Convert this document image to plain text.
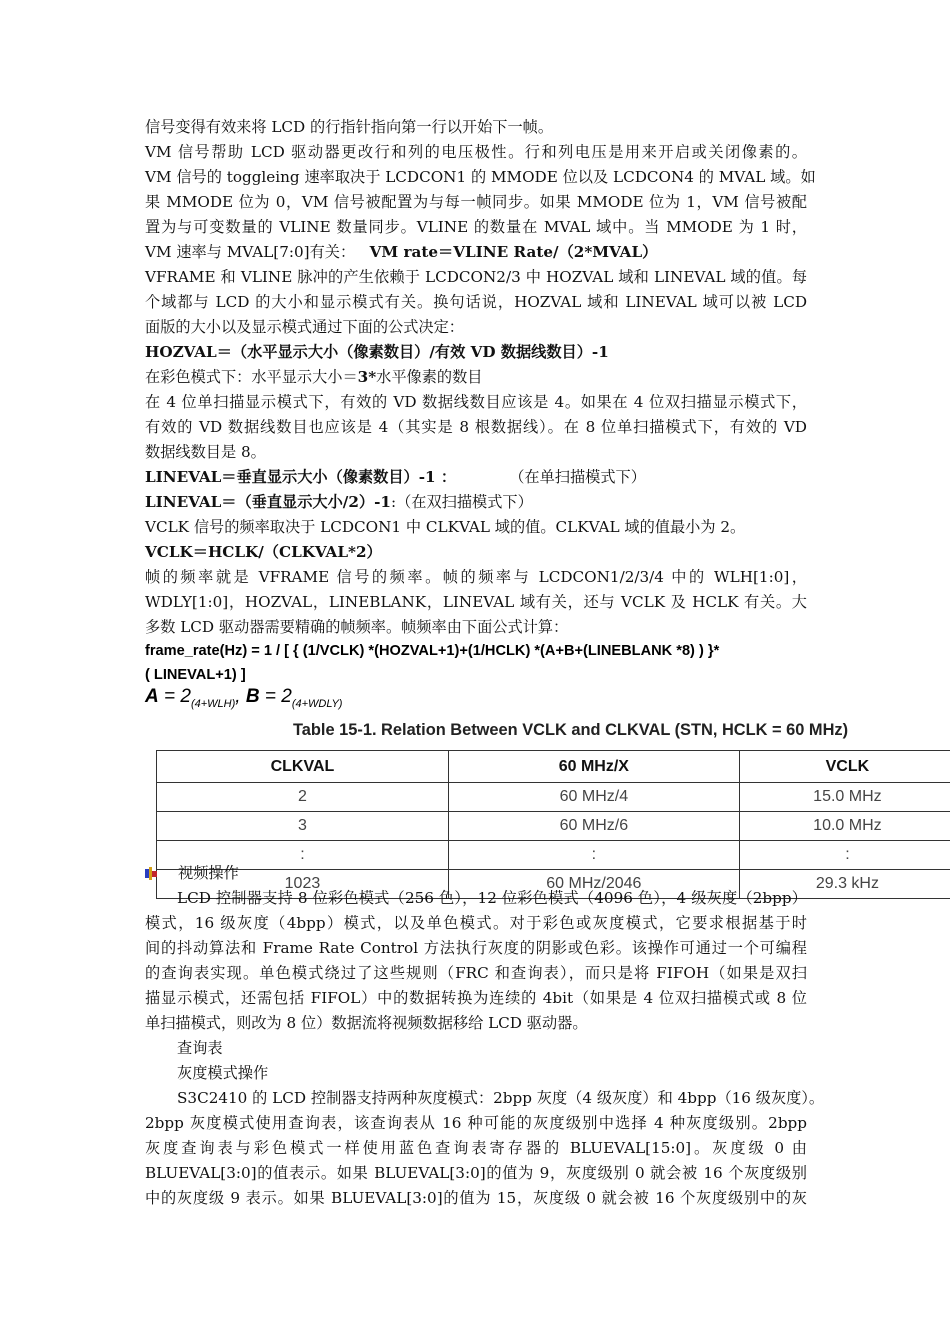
信号变得有效来将 LCD 的行指针指向第一行以开始下一帧。
VM 信号帮助 LCD 驱动器更改行和列的电压极性。行和列电压是用来开启或关闭像素的。
VM 信号的 toggleing 速率取决于 LCDCON1 的 MMODE 位以及 LCDCON4 的 MVAL 域。如
果 MMODE 位为 0，VM 信号被配置为与每一帧同步。如果 MMODE 位为 1，VM 信号被配
置为与可变数量的 VLINE 数量同步。VLINE 的数量在 MVAL 域中。当 MMODE 为 1 时，
VM 速率与 MVAL[7:0]有关： VM rate＝VLINE Rate/（2*MVAL）
VFRAME 和 VLINE 脉冲的产生依赖于 LCDCON2/3 中 HOZVAL 域和 LINEVAL 域的值。每
个域都与 LCD 的大小和显示模式有关。换句话说，HOZVAL 域和 LINEVAL 域可以被 LCD
面版的大小以及显示模式通过下面的公式决定：
HOZVAL＝（水平显示大小（像素数目）/有效 VD 数据线数目）-1
在彩色模式下：水平显示大小＝3*水平像素的数目
在 4 位单扫描显示模式下，有效的 VD 数据线数目应该是 4。如果在 4 位双扫描显示模式下，
有效的 VD 数据线数目也应该是 4（其实是 8 根数据线）。在 8 位单扫描模式下，有效的 VD
数据线数目是 8。
LINEVAL＝垂直显示大小（像素数目）-1 ：	（在单扫描模式下）
LINEVAL＝（垂直显示大小/2）-1:（在双扫描模式下）
VCLK 信号的频率取决于 LCDCON1 中 CLKVAL 域的值。CLKVAL 域的值最小为 2。
VCLK＝HCLK/（CLKVAL*2）
帧的频率就是 VFRAME 信号的频率。帧的频率与 LCDCON1/2/3/4 中的 WLH[1:0]，
WDLY[1:0]，HOZVAL，LINEBLANK，LINEVAL 域有关，还与 VCLK 及 HCLK 有关。大
多数 LCD 驱动器需要精确的帧频率。帧频率由下面公式计算：
frame_rate(Hz) = 1 / [ { (1/VCLK) *(HOZVAL+1)+(1/HCLK) *(A+B+(LINEBLANK *8) ) }*
( LINEVAL+1) ]
$A = 2_{(4+WLH)}$, $B = 2_{(4+WDLY)}$
Table 15-1. Relation Between VCLK and CLKVAL (STN, HCLK = 60 MHz)
CLKVAL	60 MHz/X	VCLK
2	60 MHz/4	15.0 MHz
3	60 MHz/6	10.0 MHz
:	:	:
1023	60 MHz/2046	29.3 kHz
视频操作
LCD 控制器支持 8 位彩色模式（256 色），12 位彩色模式（4096 色），4 级灰度（2bpp）
模式，16 级灰度（4bpp）模式，以及单色模式。对于彩色或灰度模式，它要求根据基于时
间的抖动算法和 Frame Rate Control 方法执行灰度的阴影或色彩。该操作可通过一个可编程
的查询表实现。单色模式绕过了这些规则（FRC 和查询表），而只是将 FIFOH（如果是双扫
描显示模式，还需包括 FIFOL）中的数据转换为连续的 4bit（如果是 4 位双扫描模式或 8 位
单扫描模式，则改为 8 位）数据流将视频数据移给 LCD 驱动器。
查询表
灰度模式操作
S3C2410 的 LCD 控制器支持两种灰度模式：2bpp 灰度（4 级灰度）和 4bpp（16 级灰度）。
2bpp 灰度模式使用查询表，该查询表从 16 种可能的灰度级别中选择 4 种灰度级别。2bpp
灰度查询表与彩色模式一样使用蓝色查询表寄存器的 BLUEVAL[15:0]。灰度级 0 由
BLUEVAL[3:0]的值表示。如果 BLUEVAL[3:0]的值为 9，灰度级别 0 就会被 16 个灰度级别
中的灰度级 9 表示。如果 BLUEVAL[3:0]的值为 15，灰度级 0 就会被 16 个灰度级别中的灰
